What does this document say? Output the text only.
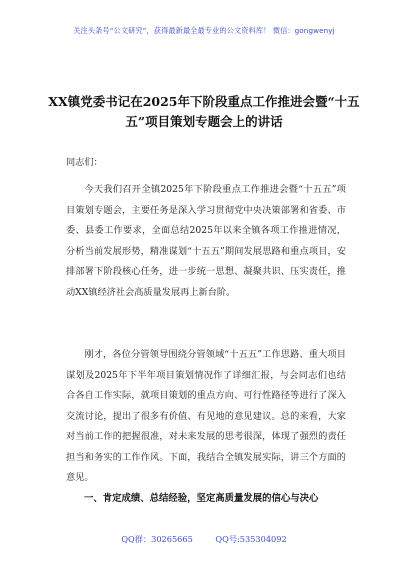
关注头条号“公文研究”，获得最新最全最专业的公文资料库！ 微信：gongwenyj
XX镇党委书记在2025年下阶段重点工作推进会暨“十五五”项目策划专题会上的讲话
同志们：

今天我们召开全镇2025年下阶段重点工作推进会暨“十五五”项目策划专题会，主要任务是深入学习贯彻党中央决策部署和省委、市委、县委工作要求，全面总结2025年以来全镇各项工作推进情况，分析当前发展形势，精准谋划“十五五”期间发展思路和重点项目，安排部署下阶段核心任务，进一步统一思想、凝聚共识、压实责任，推动XX镇经济社会高质量发展再上新台阶。

刚才，各位分管领导围绕分管领域“十五五”工作思路、重大项目谋划及2025年下半年项目策划情况作了详细汇报，与会同志们也结合各自工作实际，就项目策划的重点方向、可行性路径等进行了深入交流讨论，提出了很多有价值、有见地的意见建议。总的来看，大家对当前工作的把握很准，对未来发展的思考很深，体现了强烈的责任担当和务实的工作作风。下面，我结合全镇发展实际，讲三个方面的意见。

一、肯定成绩、总结经验，坚定高质量发展的信心与决心
QQ群：30265665	QQ号:535304092
